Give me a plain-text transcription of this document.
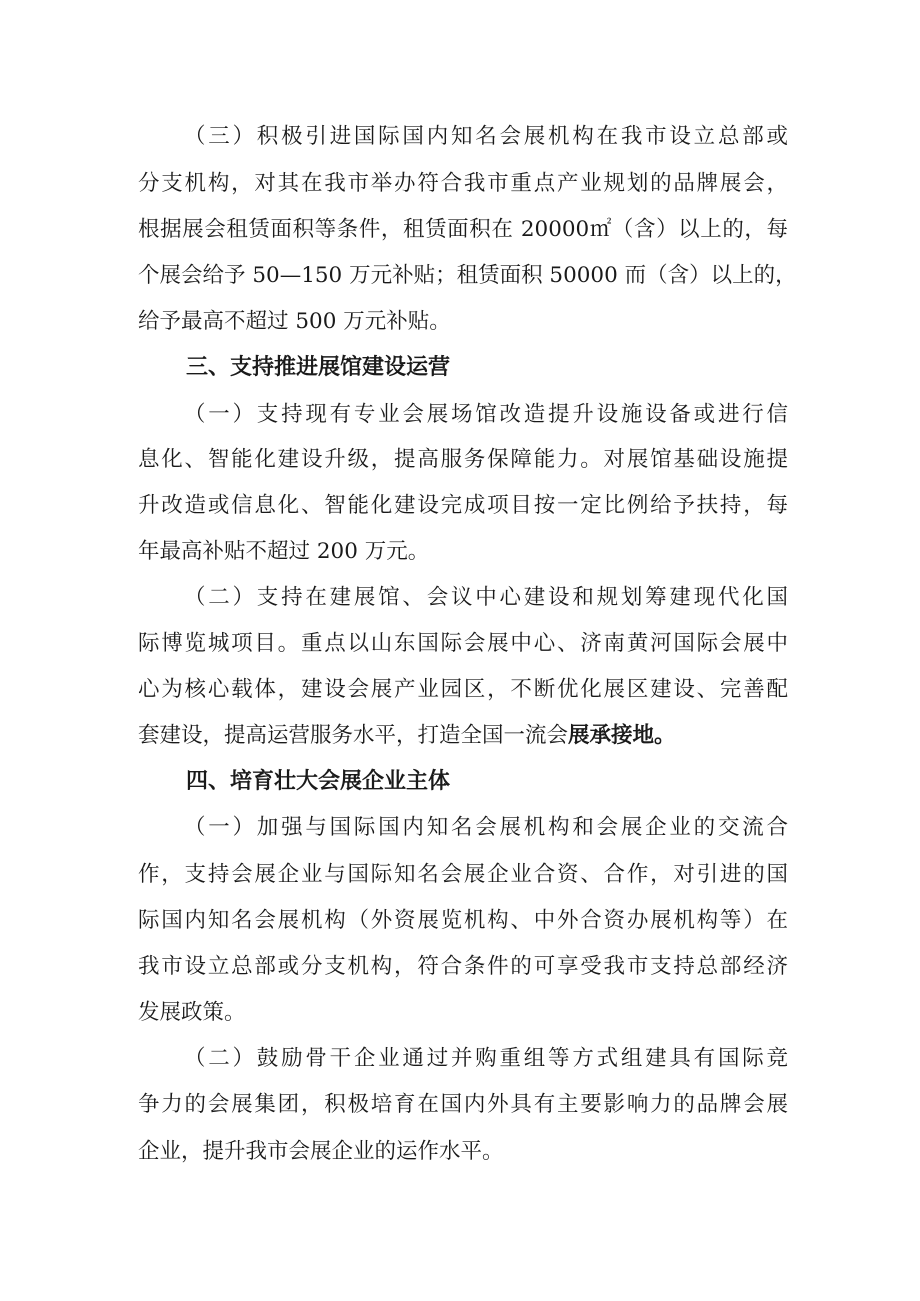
（三）积极引进国际国内知名会展机构在我市设立总部或
分支机构，对其在我市举办符合我市重点产业规划的品牌展会，
根据展会租赁面积等条件，租赁面积在 20000㎡（含）以上的，每
个展会给予 50—150 万元补贴；租赁面积 50000 而（含）以上的，
给予最高不超过 500 万元补贴。
三、支持推进展馆建设运营
（一）支持现有专业会展场馆改造提升设施设备或进行信
息化、智能化建设升级，提高服务保障能力。对展馆基础设施提
升改造或信息化、智能化建设完成项目按一定比例给予扶持，每
年最高补贴不超过 200 万元。
（二）支持在建展馆、会议中心建设和规划筹建现代化国
际博览城项目。重点以山东国际会展中心、济南黄河国际会展中
心为核心载体，建设会展产业园区，不断优化展区建设、完善配
套建设，提高运营服务水平，打造全国一流会展承接地。
四、培育壮大会展企业主体
（一）加强与国际国内知名会展机构和会展企业的交流合
作，支持会展企业与国际知名会展企业合资、合作，对引进的国
际国内知名会展机构（外资展览机构、中外合资办展机构等）在
我市设立总部或分支机构，符合条件的可享受我市支持总部经济
发展政策。
（二）鼓励骨干企业通过并购重组等方式组建具有国际竞
争力的会展集团，积极培育在国内外具有主要影响力的品牌会展
企业，提升我市会展企业的运作水平。
